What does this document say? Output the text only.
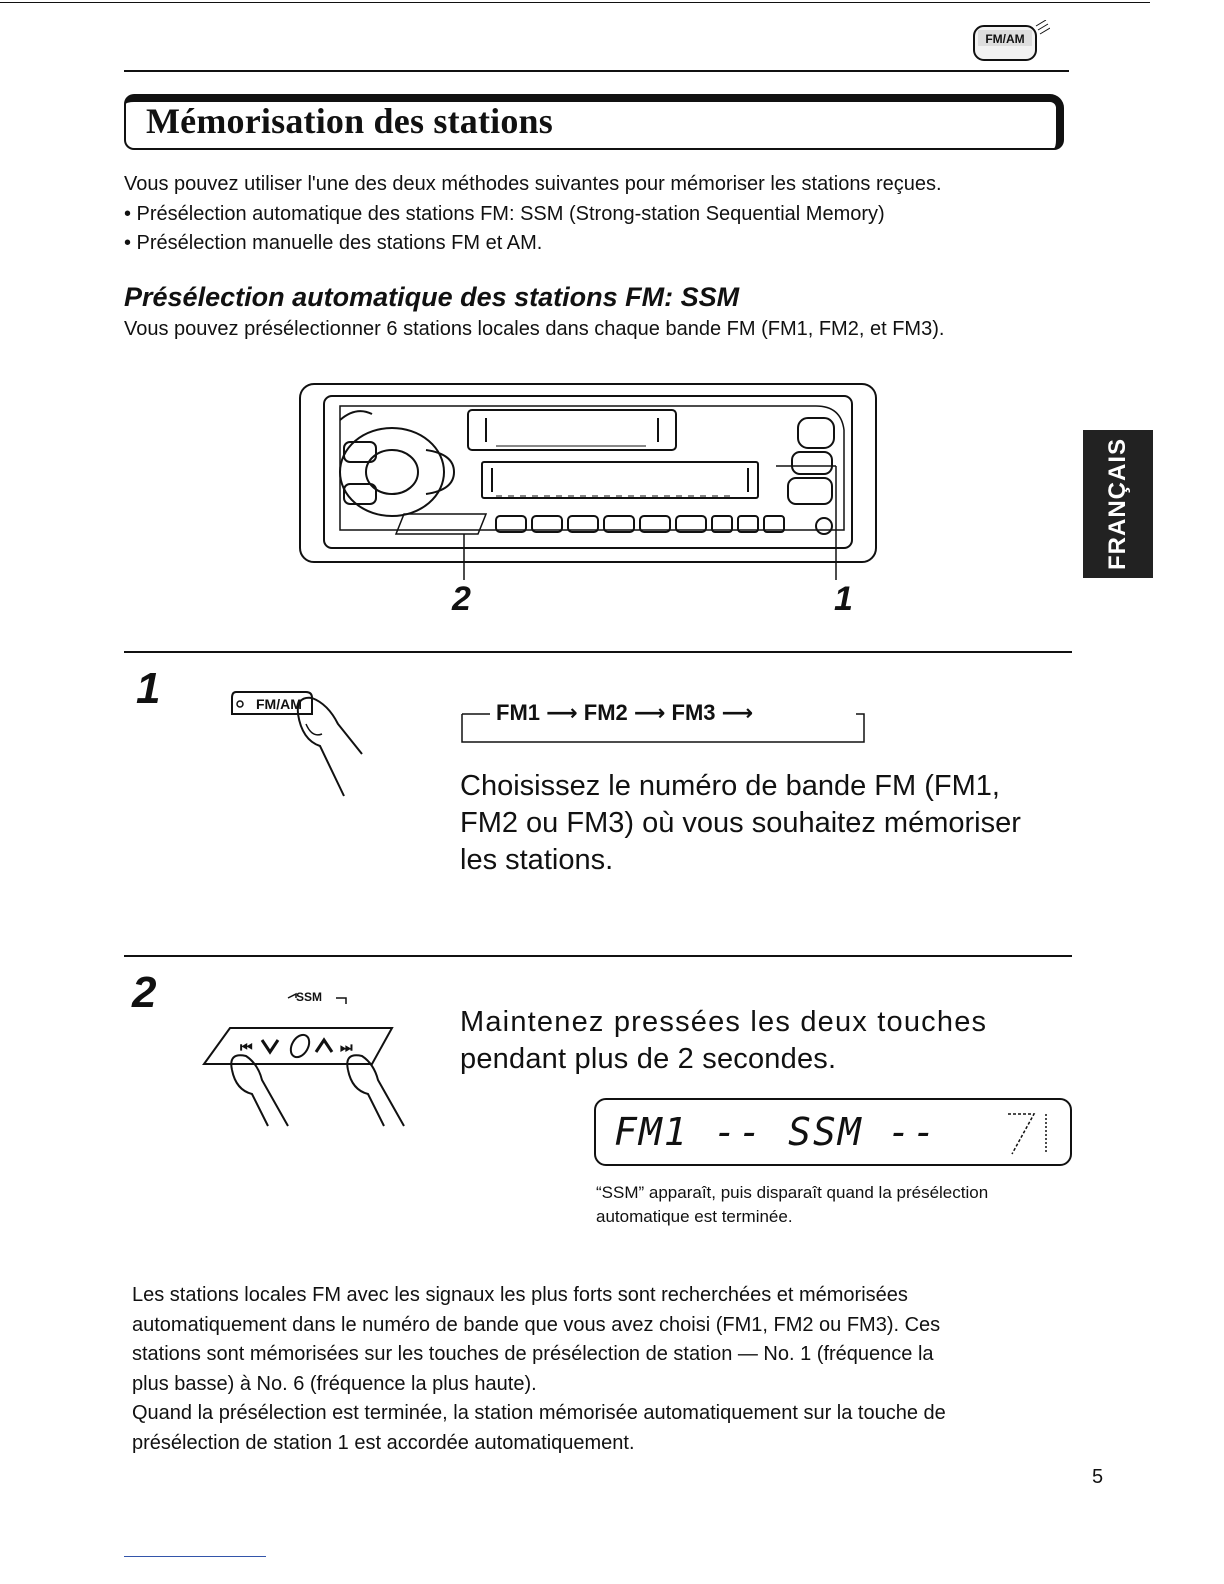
FM/AM
Mémorisation des stations
Vous pouvez utiliser l'une des deux méthodes suivantes pour mémoriser les stations reçues.
• Présélection automatique des stations FM: SSM (Strong-station Sequential Memory)
• Présélection manuelle des stations FM et AM.
Présélection automatique des stations FM: SSM
Vous pouvez présélectionner 6 stations locales dans chaque bande FM (FM1, FM2, et FM3).
FRANÇAIS
2	1
1	FM/AM	FM1 ⟶ FM2 ⟶ FM3 ⟶
Choisissez le numéro de bande FM (FM1,
FM2 ou FM3) où vous souhaitez mémoriser
les stations.
2	SSM
⏮	⏭
Maintenez pressées les deux touches
pendant plus de 2 secondes.
FM1 -- SSM --
“SSM” apparaît, puis disparaît quand la présélection
automatique est terminée.
Les stations locales FM avec les signaux les plus forts sont recherchées et mémorisées
automatiquement dans le numéro de bande que vous avez choisi (FM1, FM2 ou FM3). Ces
stations sont mémorisées sur les touches de présélection de station — No. 1 (fréquence la
plus basse) à No. 6 (fréquence la plus haute).
Quand la présélection est terminée, la station mémorisée automatiquement sur la touche de
présélection de station 1 est accordée automatiquement.
5
